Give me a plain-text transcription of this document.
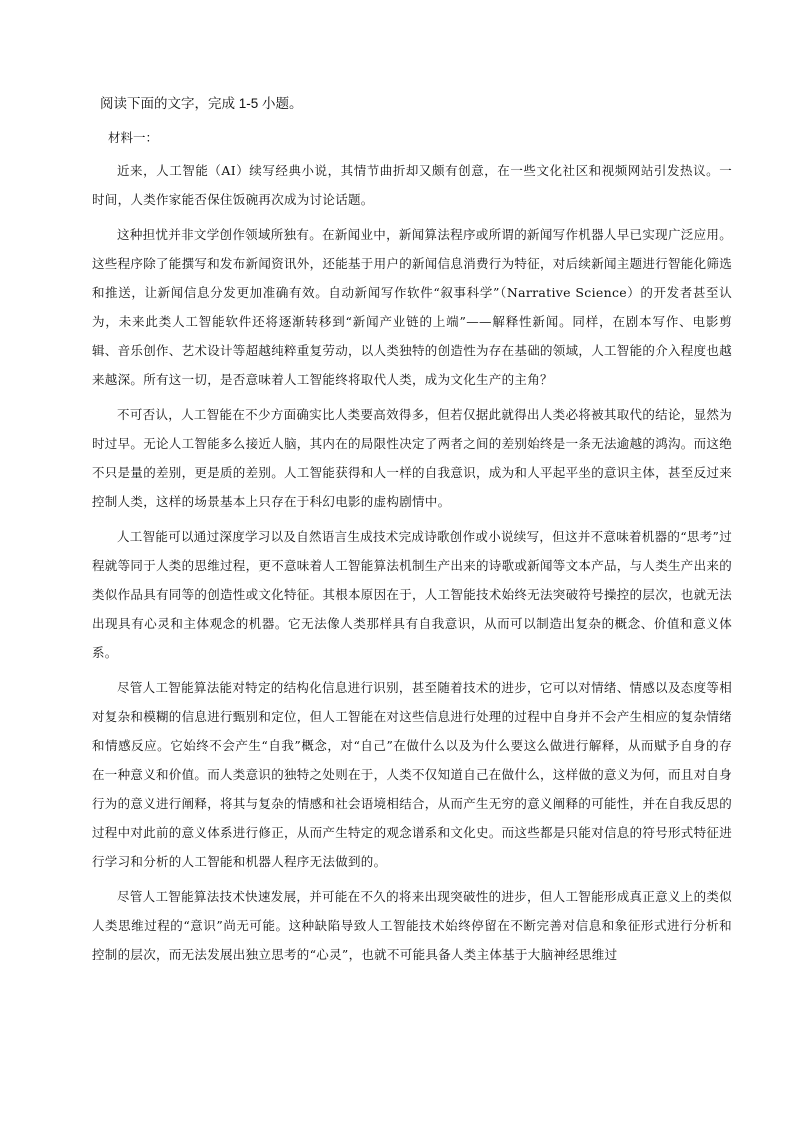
阅读下面的文字，完成 1-5 小题。

材料一：

近来，人工智能（AI）续写经典小说，其情节曲折却又颇有创意，在一些文化社区和视频网站引发热议。一时间，人类作家能否保住饭碗再次成为讨论话题。

这种担忧并非文学创作领域所独有。在新闻业中，新闻算法程序或所谓的新闻写作机器人早已实现广泛应用。这些程序除了能撰写和发布新闻资讯外，还能基于用户的新闻信息消费行为特征，对后续新闻主题进行智能化筛选和推送，让新闻信息分发更加准确有效。自动新闻写作软件“叙事科学”（Narrative Science）的开发者甚至认为，未来此类人工智能软件还将逐渐转移到“新闻产业链的上端”——解释性新闻。同样，在剧本写作、电影剪辑、音乐创作、艺术设计等超越纯粹重复劳动，以人类独特的创造性为存在基础的领域，人工智能的介入程度也越来越深。所有这一切，是否意味着人工智能终将取代人类，成为文化生产的主角？

不可否认，人工智能在不少方面确实比人类要高效得多，但若仅据此就得出人类必将被其取代的结论，显然为时过早。无论人工智能多么接近人脑，其内在的局限性决定了两者之间的差别始终是一条无法逾越的鸿沟。而这绝不只是量的差别，更是质的差别。人工智能获得和人一样的自我意识，成为和人平起平坐的意识主体，甚至反过来控制人类，这样的场景基本上只存在于科幻电影的虚构剧情中。

人工智能可以通过深度学习以及自然语言生成技术完成诗歌创作或小说续写，但这并不意味着机器的“思考”过程就等同于人类的思维过程，更不意味着人工智能算法机制生产出来的诗歌或新闻等文本产品，与人类生产出来的类似作品具有同等的创造性或文化特征。其根本原因在于，人工智能技术始终无法突破符号操控的层次，也就无法出现具有心灵和主体观念的机器。它无法像人类那样具有自我意识，从而可以制造出复杂的概念、价值和意义体系。

尽管人工智能算法能对特定的结构化信息进行识别，甚至随着技术的进步，它可以对情绪、情感以及态度等相对复杂和模糊的信息进行甄别和定位，但人工智能在对这些信息进行处理的过程中自身并不会产生相应的复杂情绪和情感反应。它始终不会产生“自我”概念，对“自己”在做什么以及为什么要这么做进行解释，从而赋予自身的存在一种意义和价值。而人类意识的独特之处则在于，人类不仅知道自己在做什么，这样做的意义为何，而且对自身行为的意义进行阐释，将其与复杂的情感和社会语境相结合，从而产生无穷的意义阐释的可能性，并在自我反思的过程中对此前的意义体系进行修正，从而产生特定的观念谱系和文化史。而这些都是只能对信息的符号形式特征进行学习和分析的人工智能和机器人程序无法做到的。

尽管人工智能算法技术快速发展，并可能在不久的将来出现突破性的进步，但人工智能形成真正意义上的类似人类思维过程的“意识”尚无可能。这种缺陷导致人工智能技术始终停留在不断完善对信息和象征形式进行分析和控制的层次，而无法发展出独立思考的“心灵”，也就不可能具备人类主体基于大脑神经思维过
